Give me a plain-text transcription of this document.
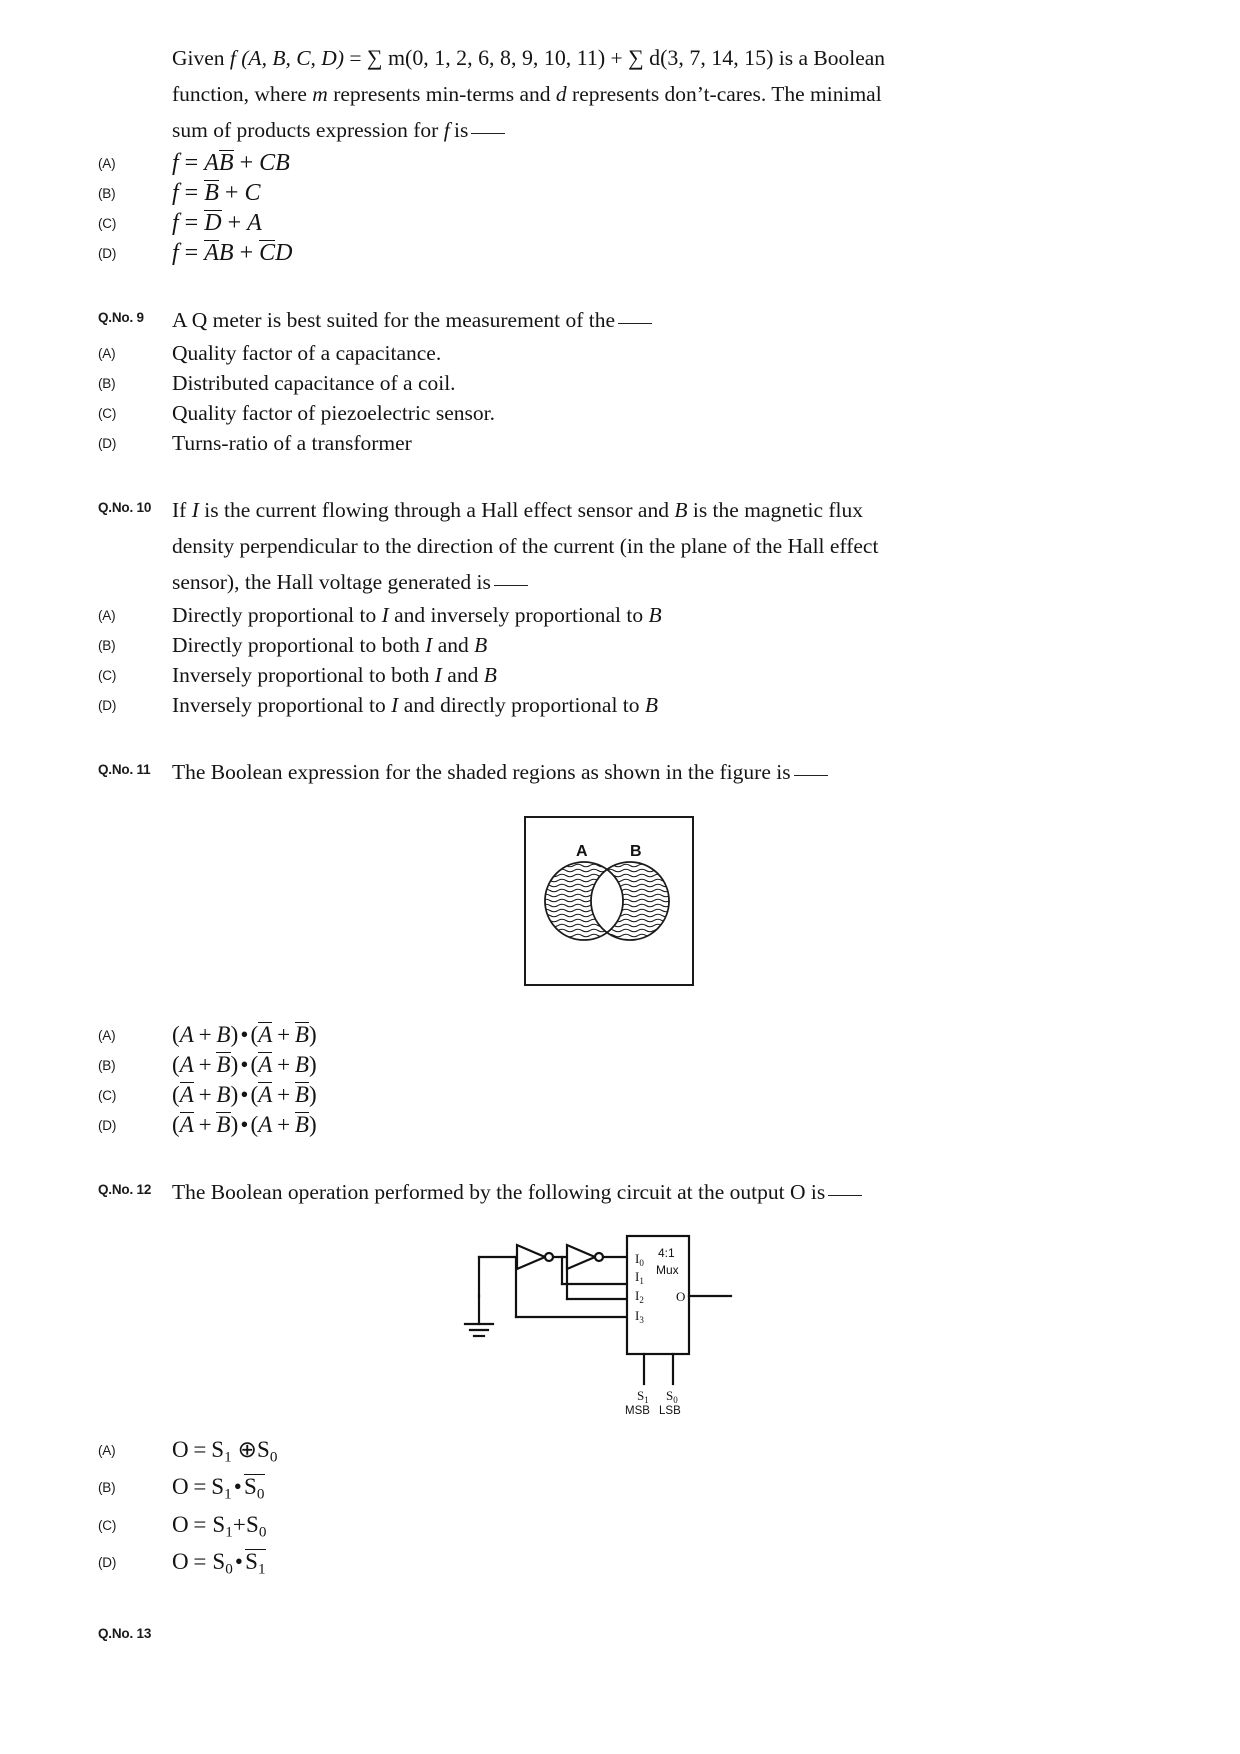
Given f (A, B, C, D) = ∑ m(0, 1, 2, 6, 8, 9, 10, 11) + ∑ d(3, 7, 14, 15) is a Boolean
function, where m represents min-terms and d represents don’t-cares. The minimal
sum of products expression for f is
(A)	f = AB + CB
(B)	f = B + C
(C)	f = D + A
(D)	f = AB + CD
Q.No. 9	A Q meter is best suited for the measurement of the
(A)	Quality factor of a capacitance.
(B)	Distributed capacitance of a coil.
(C)	Quality factor of piezoelectric sensor.
(D)	Turns-ratio of a transformer
Q.No. 10 If I is the current flowing through a Hall effect sensor and B is the magnetic flux
density perpendicular to the direction of the current (in the plane of the Hall effect
sensor), the Hall voltage generated is
(A)	Directly proportional to I and inversely proportional to B
(B)	Directly proportional to both I and B
(C)	Inversely proportional to both I and B
(D)	Inversely proportional to I and directly proportional to B
Q.No. 11	The Boolean expression for the shaded regions as shown in the figure is
A	B
(A)	(A + B)•(A + B)
(B)	(A + B)•(A + B)
(C)	(A + B)•(A + B)
(D)	(A + B)•(A + B)
Q.No. 12 The Boolean operation performed by the following circuit at the output O is
$I_0$
$I_1$
$I_2$
$I_3$
O
4:1
Mux
$S_1$ $S_0$
MSB LSB
(A)	$O = S_1$ $\oplus S_0$
(B)	$O = S_1•S_0$
(C)	$O = S_1+S_0$
(D)	$O = S_0•S_1$
Q.No. 13
